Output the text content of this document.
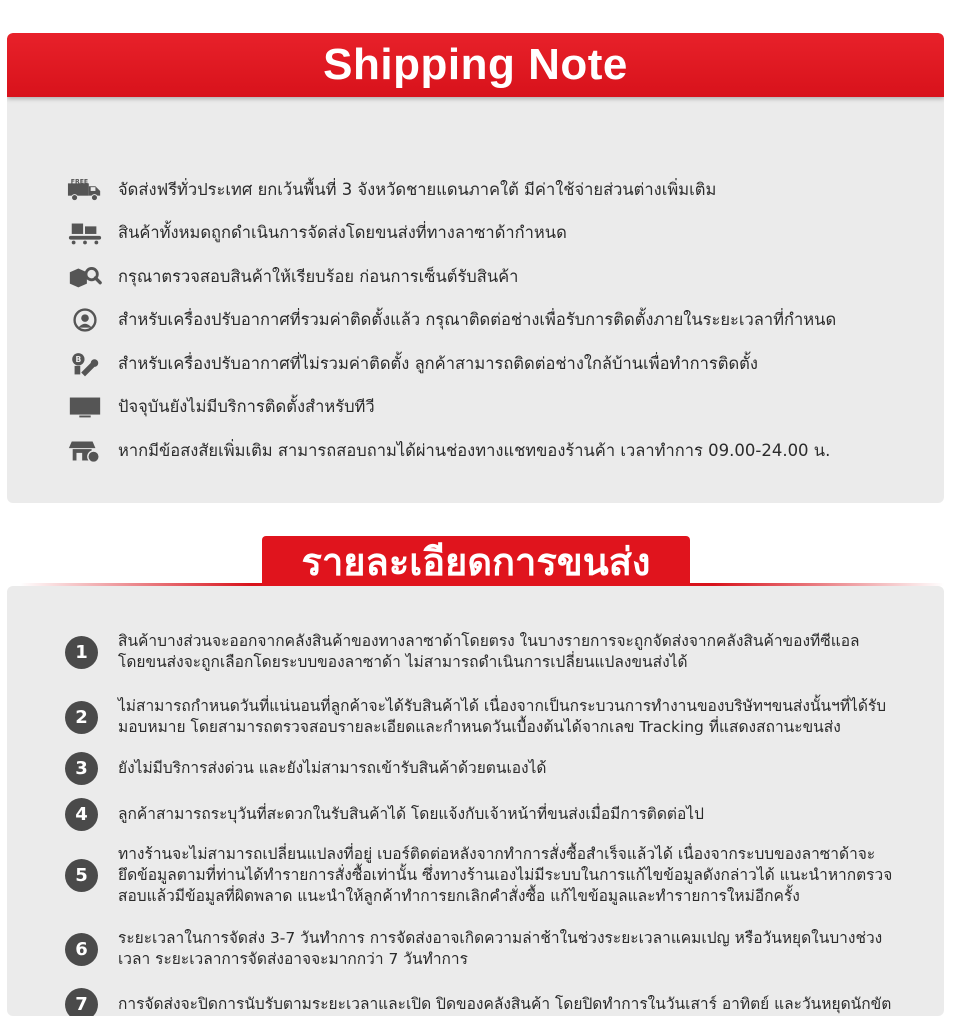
Shipping Note
FREE จัดส่งฟรีทั่วประเทศ ยกเว้นพื้นที่ 3 จังหวัดชายแดนภาคใต้ มีค่าใช้จ่ายส่วนต่างเพิ่มเติม
สินค้าทั้งหมดถูกดำเนินการจัดส่งโดยขนส่งที่ทางลาซาด้ากำหนด
กรุณาตรวจสอบสินค้าให้เรียบร้อย ก่อนการเซ็นต์รับสินค้า
สำหรับเครื่องปรับอากาศที่รวมค่าติดตั้งแล้ว กรุณาติดต่อช่างเพื่อรับการติดตั้งภายในระยะเวลาที่กำหนด
B สำหรับเครื่องปรับอากาศที่ไม่รวมค่าติดตั้ง ลูกค้าสามารถติดต่อช่างใกล้บ้านเพื่อทำการติดตั้ง
ปัจจุบันยังไม่มีบริการติดตั้งสำหรับทีวี
หากมีข้อสงสัยเพิ่มเติม สามารถสอบถามได้ผ่านช่องทางแชทของร้านค้า เวลาทำการ 09.00-24.00 น.
รายละเอียดการขนส่ง
1
สินค้าบางส่วนจะออกจากคลังสินค้าของทางลาซาด้าโดยตรง ในบางรายการจะถูกจัดส่งจากคลังสินค้าของทีซีแอล
โดยขนส่งจะถูกเลือกโดยระบบของลาซาด้า ไม่สามารถดำเนินการเปลี่ยนแปลงขนส่งได้
2
ไม่สามารถกำหนดวันที่แน่นอนที่ลูกค้าจะได้รับสินค้าได้ เนื่องจากเป็นกระบวนการทำงานของบริษัทฯขนส่งนั้นฯที่ได้รับ
มอบหมาย โดยสามารถตรวจสอบรายละเอียดและกำหนดวันเบื้องต้นได้จากเลข Tracking ที่แสดงสถานะขนส่ง
3	ยังไม่มีบริการส่งด่วน และยังไม่สามารถเข้ารับสินค้าด้วยตนเองได้
4	ลูกค้าสามารถระบุวันที่สะดวกในรับสินค้าได้ โดยแจ้งกับเจ้าหน้าที่ขนส่งเมื่อมีการติดต่อไป
5
ทางร้านจะไม่สามารถเปลี่ยนแปลงที่อยู่ เบอร์ติดต่อหลังจากทำการสั่งซื้อสำเร็จแล้วได้ เนื่องจากระบบของลาซาด้าจะ
ยึดข้อมูลตามที่ท่านได้ทำรายการสั่งซื้อเท่านั้น ซึ่งทางร้านเองไม่มีระบบในการแก้ไขข้อมูลดังกล่าวได้ แนะนำหากตรวจ
สอบแล้วมีข้อมูลที่ผิดพลาด แนะนำให้ลูกค้าทำการยกเลิกคำสั่งซื้อ แก้ไขข้อมูลและทำรายการใหม่อีกครั้ง
6
ระยะเวลาในการจัดส่ง 3-7 วันทำการ การจัดส่งอาจเกิดความล่าช้าในช่วงระยะเวลาแคมเปญ หรือวันหยุดในบางช่วง
เวลา ระยะเวลาการจัดส่งอาจจะมากกว่า 7 วันทำการ
7	การจัดส่งจะปิดการนับรับตามระยะเวลาและเปิด ปิดของคลังสินค้า โดยปิดทำการในวันเสาร์ อาทิตย์ และวันหยุดนักขัต
